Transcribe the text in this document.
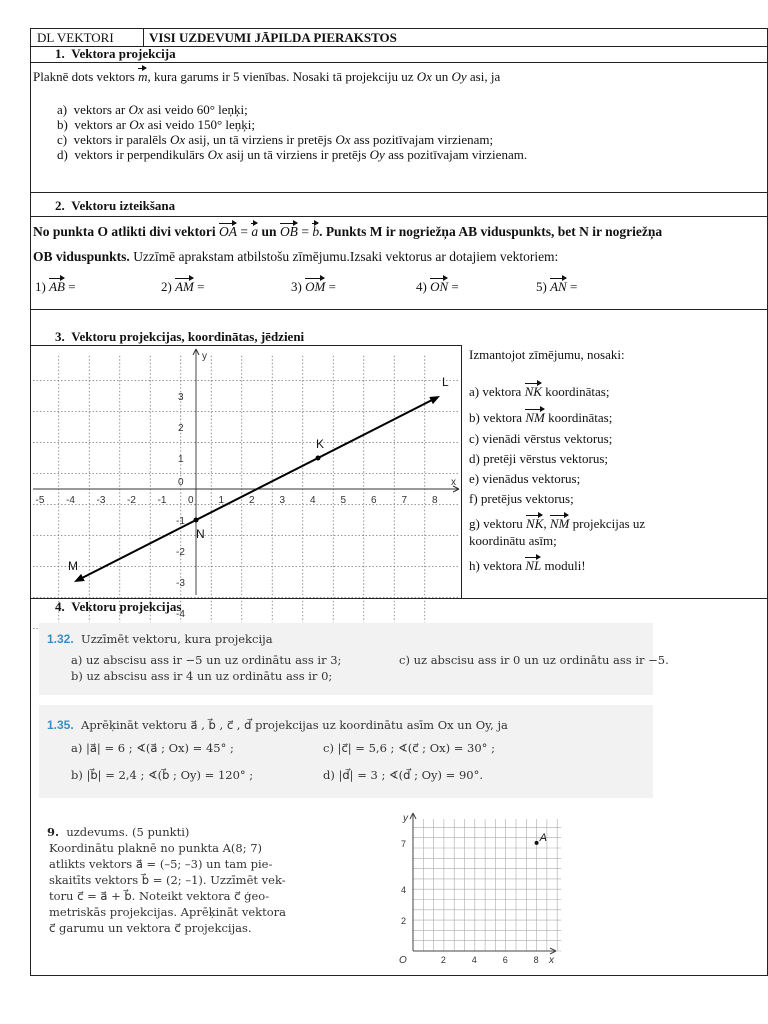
DL VEKTORI	VISI UZDEVUMI JĀPILDA PIERAKSTOS
1.  Vektora projekcija
Plaknē dots vektors m, kura garums ir 5 vienības. Nosaki tā projekciju uz Ox un Oy asi, ja
a) vektors ar Ox asi veido 60° leņķi;
b) vektors ar Ox asi veido 150° leņķi;
c) vektors ir paralēls Ox asij, un tā virziens ir pretējs Ox ass pozitīvajam virzienam;
d) vektors ir perpendikulārs Ox asij un tā virziens ir pretējs Oy ass pozitīvajam virzienam.
2.  Vektoru izteikšana
No punkta O atlikti divi vektori OA = a un OB = b. Punkts M ir nogriežņa AB viduspunkts, bet N ir nogriežņa
OB viduspunkts. Uzzīmē aprakstam atbilstošu zīmējumu.Izsaki vektorus ar dotajiem vektoriem:
1) AB =	2) AM =	3) OM =	4) ON =	5) AN =
3.  Vektoru projekcijas, koordinātas, jēdzieni
x
y
-5 -4 -3 -2 -1 0 1 2 3 4 5 6 7 8
3
2
1
0
-1
-2
-3
-4
M
N
K
L
Izmantojot zīmējumu, nosaki:
a) vektora NK koordinātas;
b) vektora NM koordinātas;
c) vienādi vērstus vektorus;
d) pretēji vērstus vektorus;
e) vienādus vektorus;
f) pretējus vektorus;
g) vektoru NK, NM projekcijas uz
koordinātu asīm;
h) vektora NL moduli!
4.  Vektoru projekcijas
1.32. Uzzīmēt vektoru, kura projekcija
a) uz abscisu ass ir −5 un uz ordinātu ass ir 3;	c) uz abscisu ass ir 0 un uz ordinātu ass ir −5.
b) uz abscisu ass ir 4 un uz ordinātu ass ir 0;
1.35. Aprēķināt vektoru a⃗ , b⃗ , c⃗ , d⃗ projekcijas uz koordinātu asīm Ox un Oy, ja
a) |a⃗| = 6 ; ∢(a⃗ ; Ox) = 45° ;	c) |c⃗| = 5,6 ; ∢(c⃗ ; Ox) = 30° ;
b) |b⃗| = 2,4 ; ∢(b⃗ ; Oy) = 120° ;	d) |d⃗| = 3 ; ∢(d⃗ ; Oy) = 90°.
9. uzdevums. (5 punkti)
Koordinātu plaknē no punkta A(8; 7)
atlikts vektors a⃗ = (–5; –3) un tam pie-
skaitīts vektors b⃗ = (2; –1). Uzzīmēt vek-
toru c⃗ = a⃗ + b⃗. Noteikt vektora c⃗ ģeo-
metriskās projekcijas. Aprēķināt vektora
c⃗ garumu un vektora c⃗ projekcijas.
y
x
O
7
4
2
2	4	6	8
A
